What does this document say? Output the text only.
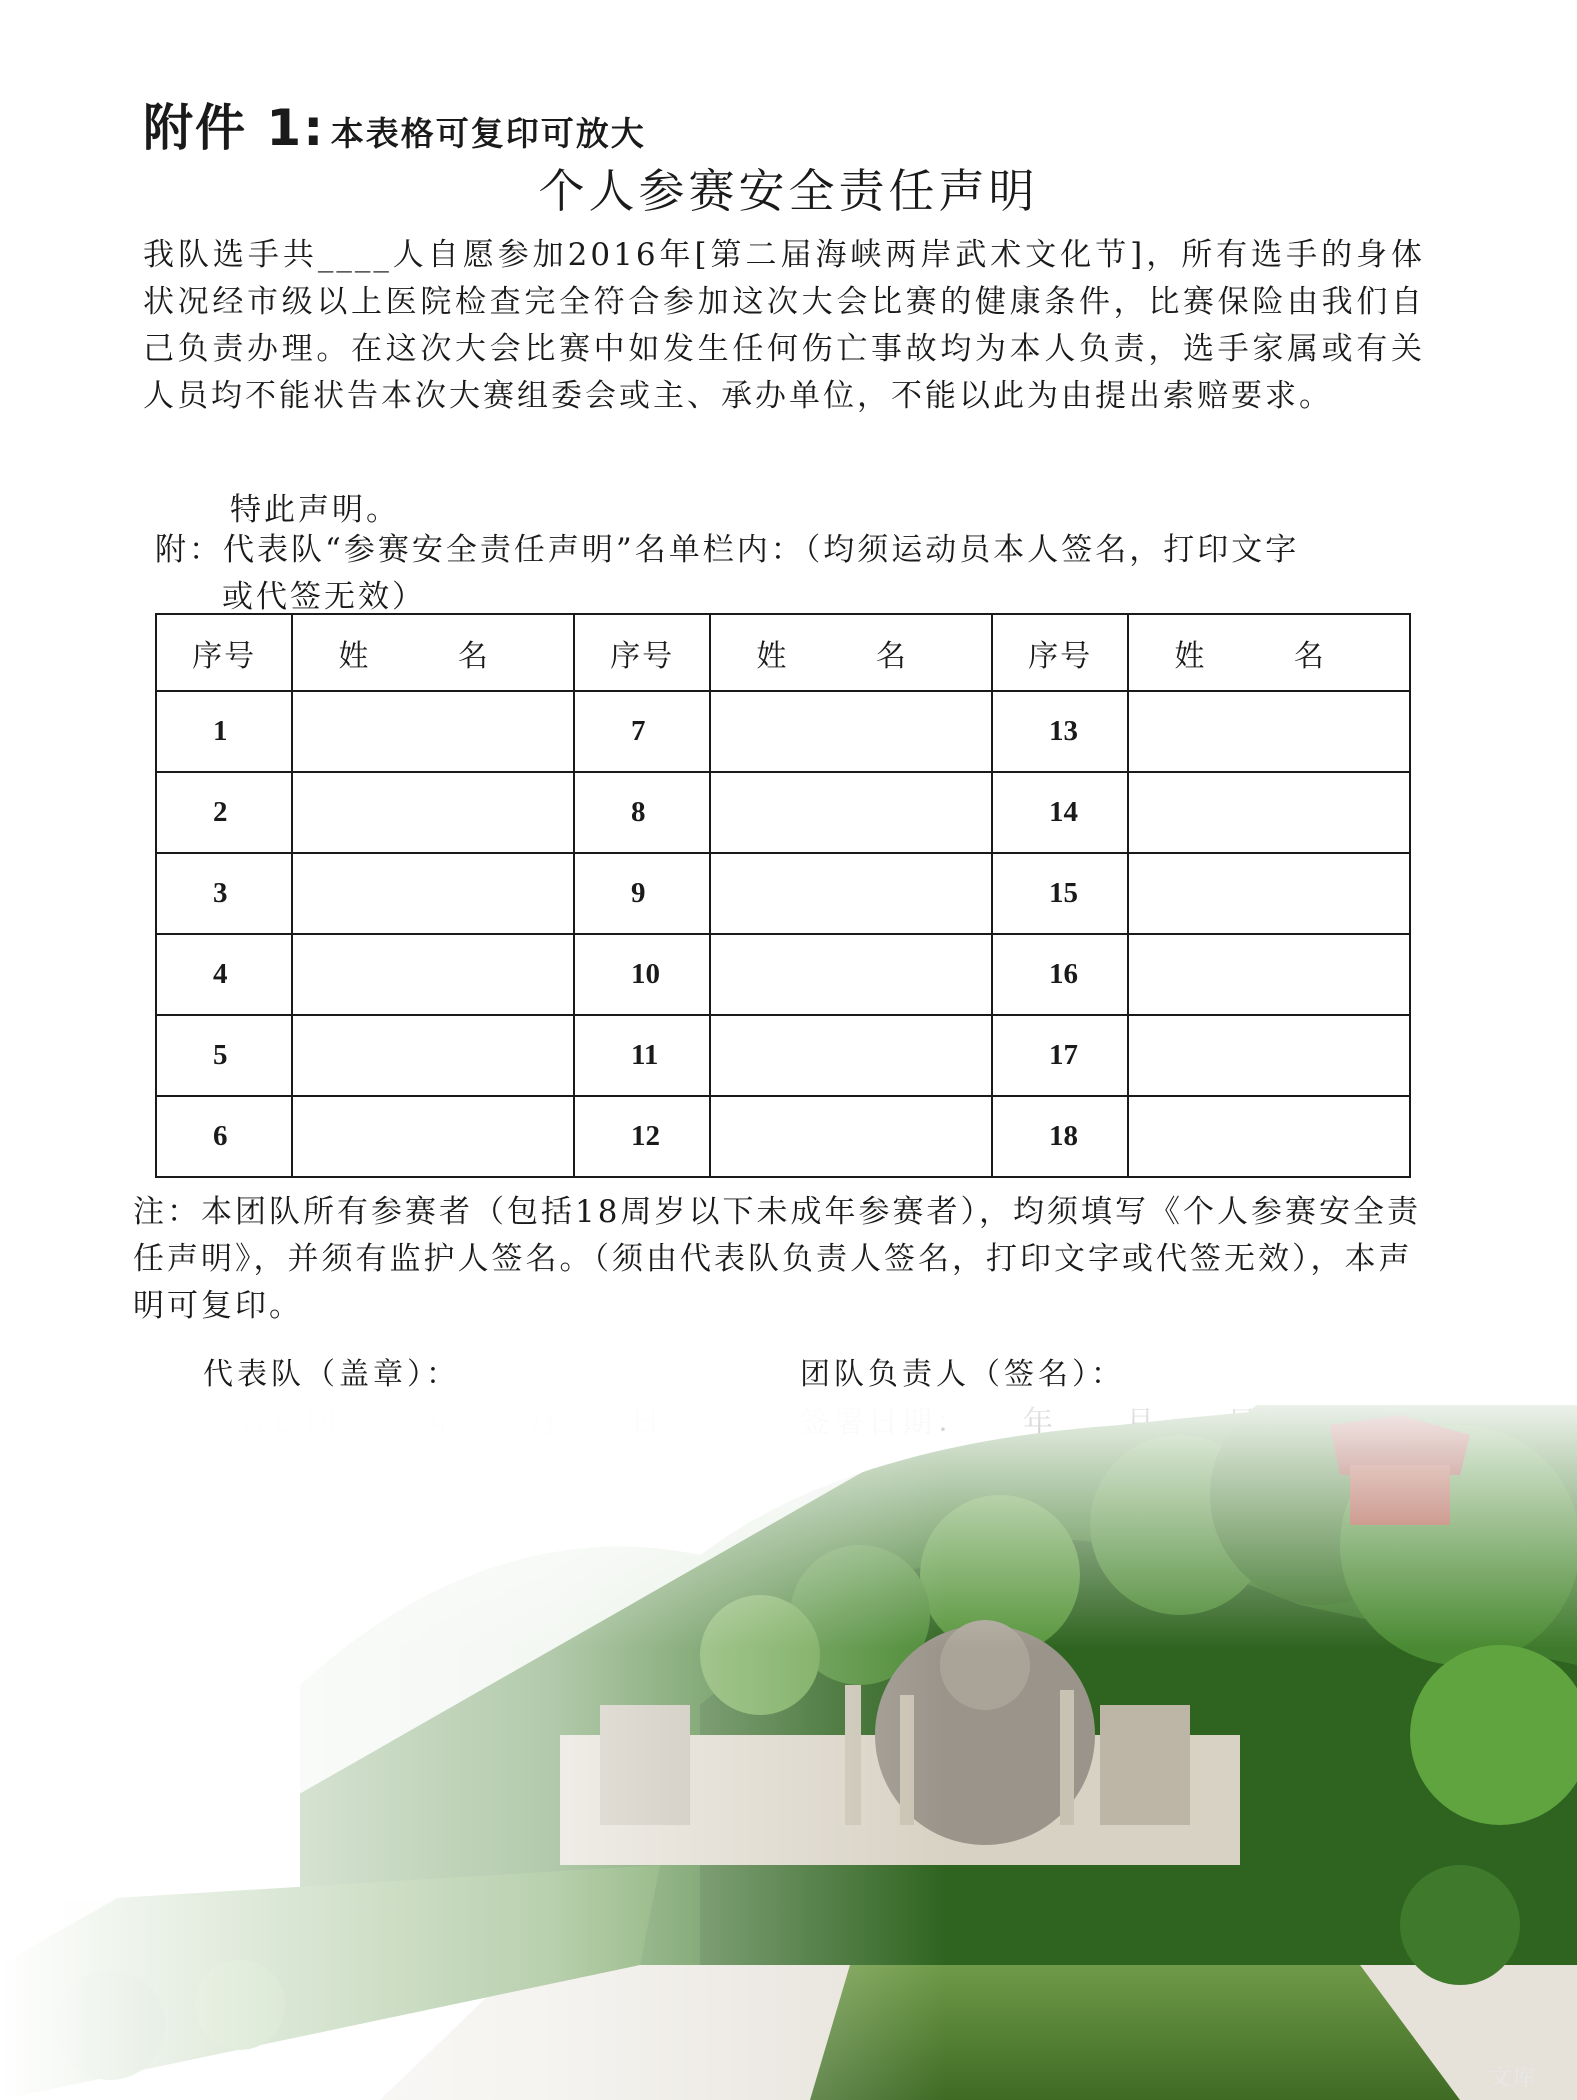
附件 1: 本表格可复印可放大
个人参赛安全责任声明
我队选手共____人自愿参加2016年[第二届海峡两岸武术文化节]，所有选手的身体状况经市级以上医院检查完全符合参加这次大会比赛的健康条件，比赛保险由我们自己负责办理。在这次大会比赛中如发生任何伤亡事故均为本人负责，选手家属或有关人员均不能状告本次大赛组委会或主、承办单位，不能以此为由提出索赔要求。
特此声明。
附：代表队“参赛安全责任声明”名单栏内：（均须运动员本人签名，打印文字
或代签无效）
序号	姓 名	序号	姓 名	序号	姓 名
1		7		13	
2		8		14	
3		9		15	
4		10		16	
5		11		17	
6		12		18	
注：本团队所有参赛者（包括18周岁以下未成年参赛者），均须填写《个人参赛安全责任声明》，并须有监护人签名。（须由代表队负责人签名，打印文字或代签无效），本声明可复印。
代表队（盖章）：	团队负责人（签名）：
文库
